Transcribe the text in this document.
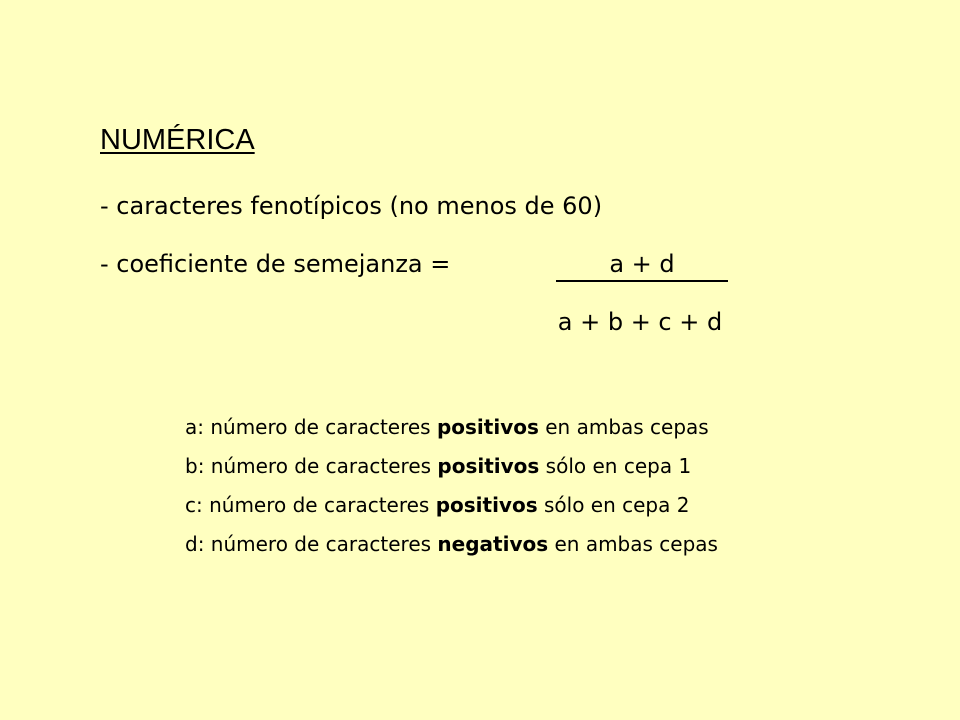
NUMÉRICA
- caracteres fenotípicos (no menos de 60)
- coeficiente de semejanza =	a + d
a + b + c + d
a: número de caracteres positivos en ambas cepas
b: número de caracteres positivos sólo en cepa 1
c: número de caracteres positivos sólo en cepa 2
d: número de caracteres negativos en ambas cepas
